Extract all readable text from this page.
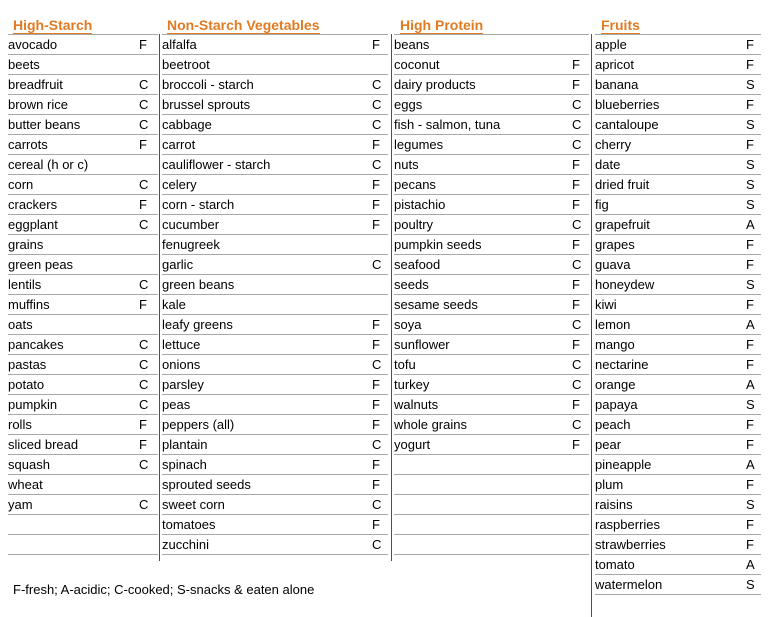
High-Starch	Non-Starch Vegetables	High Protein	Fruits
avocado	F
beets
breadfruit	C
brown rice	C
butter beans	C
carrots	F
cereal (h or c)
corn	C
crackers	F
eggplant	C
grains
green peas
lentils	C
muffins	F
oats
pancakes	C
pastas	C
potato	C
pumpkin	C
rolls	F
sliced bread	F
squash	C
wheat
yam	C
alfalfa	F
beetroot
broccoli - starch	C
brussel sprouts	C
cabbage	C
carrot	F
cauliflower - starch	C
celery	F
corn - starch	F
cucumber	F
fenugreek
garlic	C
green beans
kale
leafy greens	F
lettuce	F
onions	C
parsley	F
peas	F
peppers (all)	F
plantain	C
spinach	F
sprouted seeds	F
sweet corn	C
tomatoes	F
zucchini	C
beans
coconut	F
dairy products	F
eggs	C
fish - salmon, tuna	C
legumes	C
nuts	F
pecans	F
pistachio	F
poultry	C
pumpkin seeds	F
seafood	C
seeds	F
sesame seeds	F
soya	C
sunflower	F
tofu	C
turkey	C
walnuts	F
whole grains	C
yogurt	F
apple	F
apricot	F
banana	S
blueberries	F
cantaloupe	S
cherry	F
date	S
dried fruit	S
fig	S
grapefruit	A
grapes	F
guava	F
honeydew	S
kiwi	F
lemon	A
mango	F
nectarine	F
orange	A
papaya	S
peach	F
pear	F
pineapple	A
plum	F
raisins	S
raspberries	F
strawberries	F
tomato	A
watermelon	S
F-fresh; A-acidic; C-cooked; S-snacks & eaten alone
